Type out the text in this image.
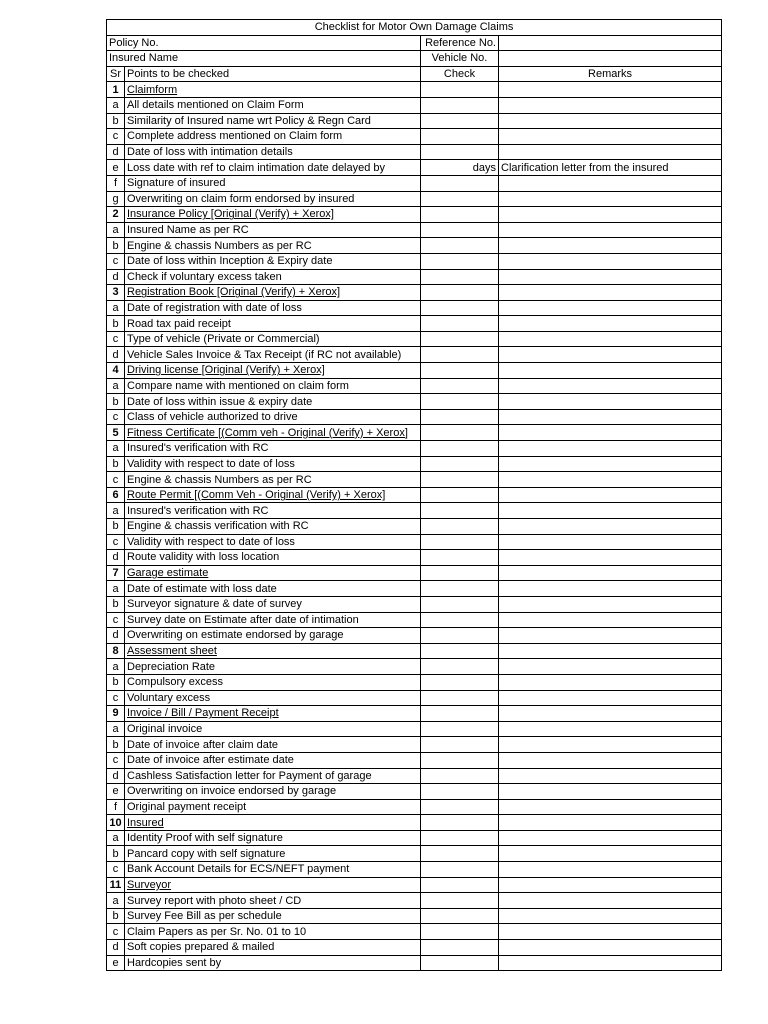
Checklist for Motor Own Damage Claims			
Policy No.		Reference No.	
Insured Name		Vehicle No.	
Sr	Points to be checked	Check	Remarks
1	Claimform		
a	All details mentioned on Claim Form		
b	Similarity of Insured name wrt Policy & Regn Card		
c	Complete address mentioned on Claim form		
d	Date of loss with intimation details		
e	Loss date with ref to claim intimation date delayed by	days	Clarification letter from the insured
f	Signature of insured		
g	Overwriting on claim form endorsed by insured		
2	Insurance Policy [Original (Verify) + Xerox]		
a	Insured Name as per RC		
b	Engine & chassis Numbers as per RC		
c	Date of loss within Inception & Expiry date		
d	Check if voluntary excess taken		
3	Registration Book [Original (Verify) + Xerox]		
a	Date of registration with date of loss		
b	Road tax paid receipt		
c	Type of vehicle (Private or Commercial)		
d	Vehicle Sales Invoice & Tax Receipt (if RC not available)		
4	Driving license [Original (Verify) + Xerox]		
a	Compare name with mentioned on claim form		
b	Date of loss within issue & expiry date		
c	Class of vehicle authorized to drive		
5	Fitness Certificate [(Comm veh - Original (Verify) + Xerox]		
a	Insured's verification with RC		
b	Validity with respect to date of loss		
c	Engine & chassis Numbers as per RC		
6	Route Permit [(Comm Veh - Original (Verify) + Xerox]		
a	Insured's verification with RC		
b	Engine & chassis verification with RC		
c	Validity with respect to date of loss		
d	Route validity with loss location		
7	Garage estimate		
a	Date of estimate with loss date		
b	Surveyor signature & date of survey		
c	Survey date on Estimate after date of intimation		
d	Overwriting on estimate endorsed by garage		
8	Assessment sheet		
a	Depreciation Rate		
b	Compulsory excess		
c	Voluntary excess		
9	Invoice / Bill / Payment Receipt		
a	Original invoice		
b	Date of invoice after claim date		
c	Date of invoice after estimate date		
d	Cashless Satisfaction letter for Payment of garage		
e	Overwriting on invoice endorsed by garage		
f	Original payment receipt		
10	Insured		
a	Identity Proof with self signature		
b	Pancard copy with self signature		
c	Bank Account Details for ECS/NEFT payment		
11	Surveyor		
a	Survey report with photo sheet / CD		
b	Survey Fee Bill as per schedule		
c	Claim Papers as per Sr. No. 01 to 10		
d	Soft copies prepared & mailed		
e	Hardcopies sent by		
